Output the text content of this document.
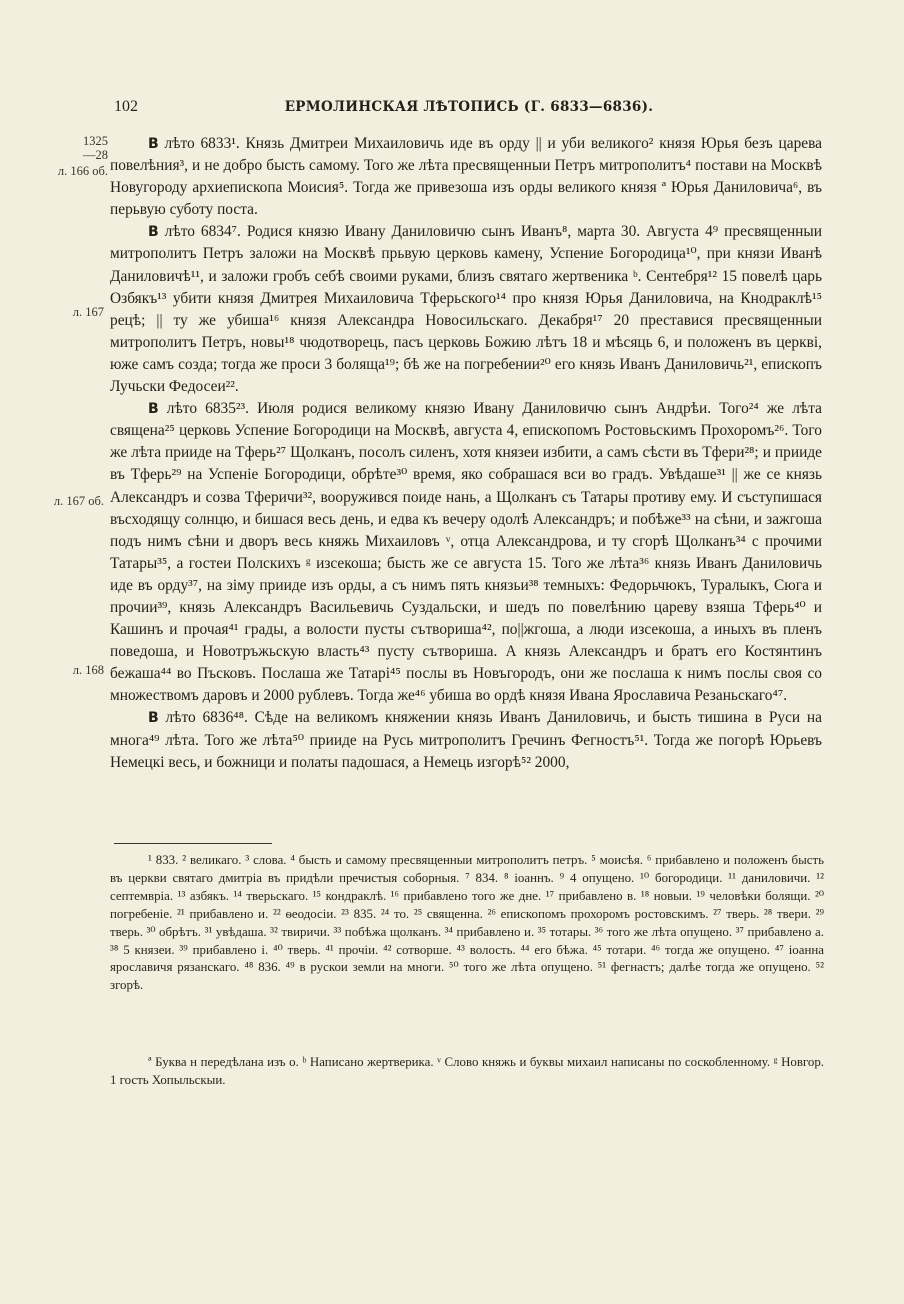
102	ЕРМОЛИНСКАЯ ЛѢТОПИСЬ (Г. 6833—6836).
1325
—28
л. 166 об.
л. 167
л. 167 об.
л. 168

В лѣто 6833¹. Князь Дмитреи Михаиловичь иде въ орду || и уби великого² князя Юрья безъ царева повелѣния³, и не добро бысть самому. Того же лѣта пресвященныи Петръ митрополитъ⁴ постави на Москвѣ Новугороду архиепископа Моисия⁵. Тогда же привезоша изъ орды великого князя ª Юрья Даниловича⁶, въ перьвую суботу поста.

В лѣто 6834⁷. Родися князю Ивану Даниловичю сынъ Иванъ⁸, марта 30. Августа 4⁹ пресвященныи митрополитъ Петръ заложи на Москвѣ прьвую церковь камену, Успение Богородица¹⁰, при князи Иванѣ Даниловичѣ¹¹, и заложи гробъ себѣ своими руками, близъ святаго жертвеника ᵇ. Сентебря¹² 15 повелѣ царь Озбякъ¹³ убити князя Дмитрея Михаиловича Тферьского¹⁴ про князя Юрья Даниловича, на Кнодраклѣ¹⁵ рецѣ; || ту же убиша¹⁶ князя Александра Новосильскаго. Декабря¹⁷ 20 преставися пресвященныи митрополитъ Петръ, новы¹⁸ чюдотворець, пасъ церковь Божию лѣтъ 18 и мѣсяць 6, и положенъ въ церкві, юже самъ созда; тогда же проси 3 боляща¹⁹; бѣ же на погребении²⁰ его князь Иванъ Даниловичь²¹, епископъ Лучьски Федосеи²².

В лѣто 6835²³. Июля родися великому князю Ивану Даниловичю сынъ Андрѣи. Того²⁴ же лѣта священа²⁵ церковь Успение Богородици на Москвѣ, августа 4, епископомъ Ростовьскимъ Прохоромъ²⁶. Того же лѣта прииде на Тферь²⁷ Щолканъ, посолъ силенъ, хотя князеи избити, а самъ сѣсти въ Тфери²⁸; и прииде въ Тферь²⁹ на Успеніе Богородици, обрѣте³⁰ время, яко собрашася вси во градъ. Увѣдаше³¹ || же се князь Александръ и созва Тферичи³², вооружився поиде нань, а Щолканъ съ Татары противу ему. И съступишася въсходящу солнцю, и бишася весь день, и едва къ вечеру одолѣ Александръ; и побѣже³³ на сѣни, и зажгоша подъ нимъ сѣни и дворъ весь княжь Михаиловъ ᵛ, отца Александрова, и ту сгорѣ Щолканъ³⁴ с прочими Татары³⁵, а гостеи Полскихъ ᵍ изсекоша; бысть же се августа 15. Того же лѣта³⁶ князь Иванъ Даниловичь иде въ орду³⁷, на зіму прииде изъ орды, а съ нимъ пять князьи³⁸ темныхъ: Федорьчюкъ, Туралыкъ, Сюга и прочии³⁹, князь Александръ Васильевичь Суздальски, и шедъ по повелѣнию цареву взяша Тферь⁴⁰ и Кашинъ и прочая⁴¹ грады, а волости пусты сътвориша⁴², по||жгоша, а люди изсекоша, а иныхъ въ пленъ поведоша, и Новотръжьскую власть⁴³ пусту сътвориша. А князь Александръ и братъ его Костянтинъ бежаша⁴⁴ во Пъсковъ. Послаша же Татарі⁴⁵ послы въ Новъгородъ, они же послаша к нимъ послы своя со множествомъ даровъ и 2000 рублевъ. Тогда же⁴⁶ убиша во ордѣ князя Ивана Ярославича Резаньскаго⁴⁷.

В лѣто 6836⁴⁸. Сѣде на великомъ княжении князь Иванъ Даниловичь, и бысть тишина в Руси на многа⁴⁹ лѣта. Того же лѣта⁵⁰ прииде на Русь митрополитъ Гречинъ Фегностъ⁵¹. Тогда же погорѣ Юрьевъ Немецкі весь, и божници и полаты падошася, а Немець изгорѣ⁵² 2000,

¹ 833. ² великаго. ³ слова. ⁴ бысть и самому пресвященныи митрополитъ петръ. ⁵ моисѣя. ⁶ прибавлено и положенъ бысть въ церкви святаго дмитріа въ придѣли пречистыя соборныя. ⁷ 834. ⁸ іоаннъ. ⁹ 4 опущено. ¹⁰ богородици. ¹¹ даниловичи. ¹² септемвріа. ¹³ азбякъ. ¹⁴ тверьскаго. ¹⁵ кондраклѣ. ¹⁶ прибавлено того же дне. ¹⁷ прибавлено в. ¹⁸ новыи. ¹⁹ человѣки болящи. ²⁰ погребеніе. ²¹ прибавлено и. ²² ѳеодосіи. ²³ 835. ²⁴ то. ²⁵ священна. ²⁶ епископомъ прохоромъ ростовскимъ. ²⁷ тверь. ²⁸ твери. ²⁹ тверь. ³⁰ обрѣтъ. ³¹ увѣдаша. ³² твиричи. ³³ побѣжа щолканъ. ³⁴ прибавлено и. ³⁵ тотары. ³⁶ того же лѣта опущено. ³⁷ прибавлено а. ³⁸ 5 князеи. ³⁹ прибавлено і. ⁴⁰ тверь. ⁴¹ прочіи. ⁴² сотворше. ⁴³ волость. ⁴⁴ его бѣжа. ⁴⁵ тотари. ⁴⁶ тогда же опущено. ⁴⁷ іоанна ярославичя рязанскаго. ⁴⁸ 836. ⁴⁹ в рускои земли на многи. ⁵⁰ того же лѣта опущено. ⁵¹ фегнастъ; далѣе тогда же опущено. ⁵² згорѣ.

ª Буква н передѣлана изъ о. ᵇ Написано жертверика. ᵛ Слово княжь и буквы михаил написаны по соскобленному. ᵍ Новгор. 1 гость Хопыльскыи.
